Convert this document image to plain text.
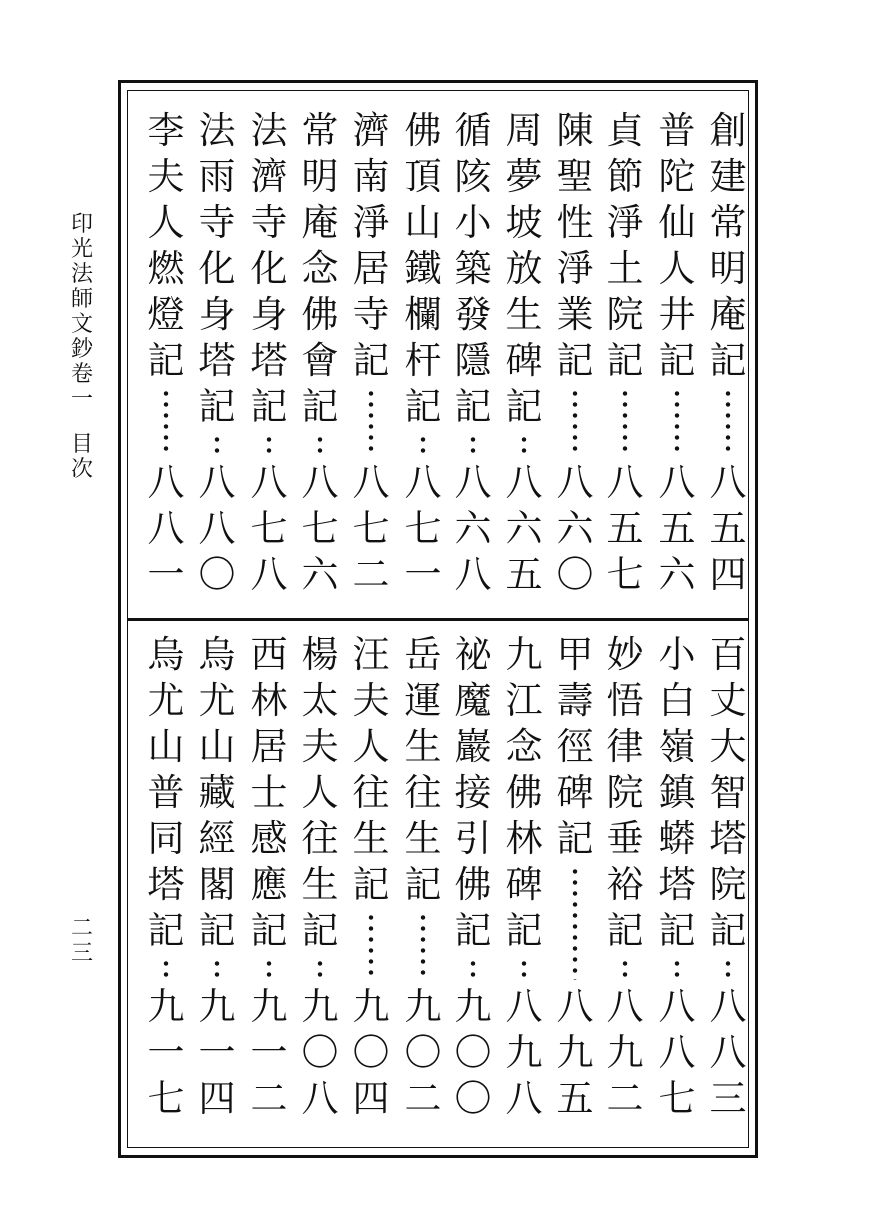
印
光
法
師
文
鈔
卷
一
目
次
二
三
創
建
常
明
庵
記
八
五
四
普
陀
仙
人
井
記
八
五
六
貞
節
淨
土
院
記
八
五
七
陳
聖
性
淨
業
記
八
六
〇
周
夢
坡
放
生
碑
記
八
六
五
循
陔
小
築
發
隱
記
八
六
八
佛
頂
山
鐵
欄
杆
記
八
七
一
濟
南
淨
居
寺
記
八
七
二
常
明
庵
念
佛
會
記
八
七
六
法
濟
寺
化
身
塔
記
八
七
八
法
雨
寺
化
身
塔
記
八
八
〇
李
夫
人
燃
燈
記
八
八
一
百
丈
大
智
塔
院
記
八
八
三
小
白
嶺
鎮
蟒
塔
記
八
八
七
妙
悟
律
院
垂
裕
記
八
九
二
甲
壽
徑
碑
記
八
九
五
九
江
念
佛
林
碑
記
八
九
八
祕
魔
巖
接
引
佛
記
九
〇
〇
岳
運
生
往
生
記
九
〇
二
汪
夫
人
往
生
記
九
〇
四
楊
太
夫
人
往
生
記
九
〇
八
西
林
居
士
感
應
記
九
一
二
烏
尤
山
藏
經
閣
記
九
一
四
烏
尤
山
普
同
塔
記
九
一
七
